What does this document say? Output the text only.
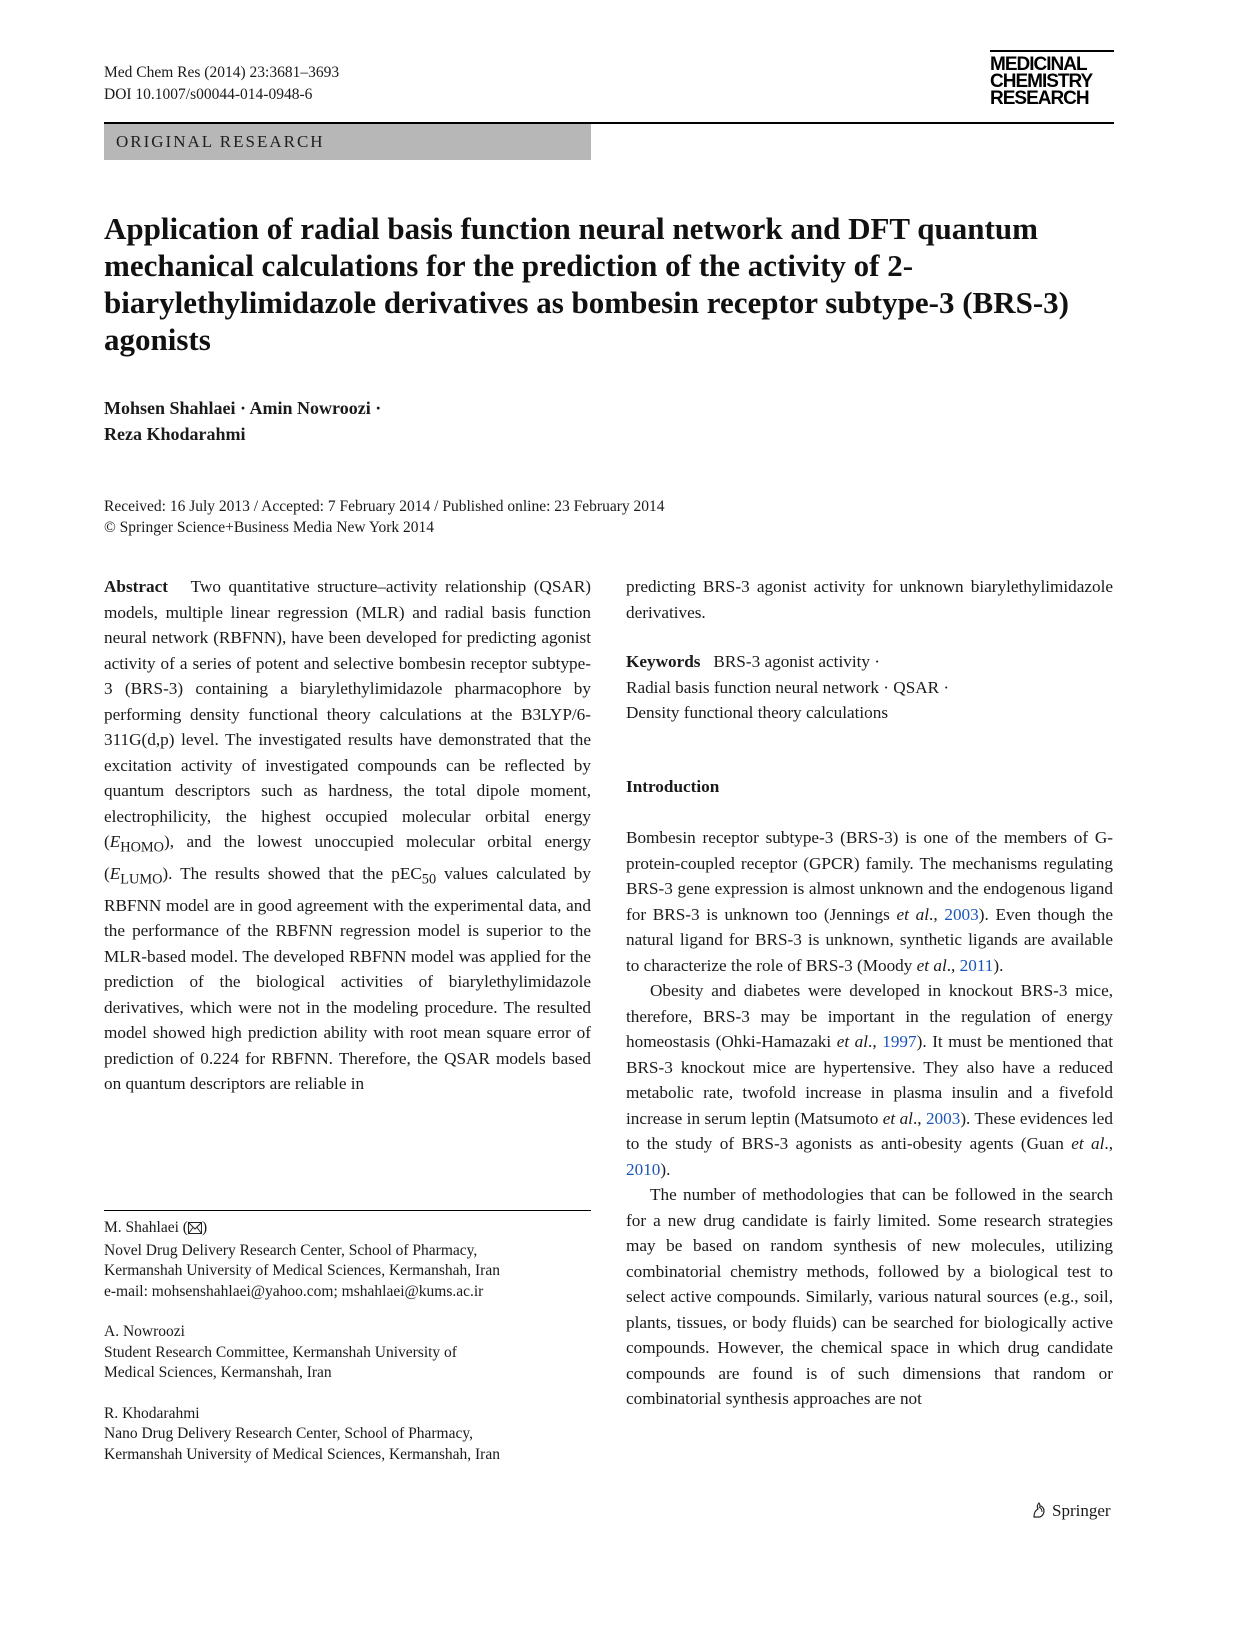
Med Chem Res (2014) 23:3681–3693
DOI 10.1007/s00044-014-0948-6
MEDICINAL
CHEMISTRY
RESEARCH
ORIGINAL RESEARCH
Application of radial basis function neural network and DFT quantum mechanical calculations for the prediction of the activity of 2-biarylethylimidazole derivatives as bombesin receptor subtype-3 (BRS-3) agonists
Mohsen Shahlaei · Amin Nowroozi ·
Reza Khodarahmi
Received: 16 July 2013 / Accepted: 7 February 2014 / Published online: 23 February 2014
© Springer Science+Business Media New York 2014

Abstract Two quantitative structure–activity relationship (QSAR) models, multiple linear regression (MLR) and radial basis function neural network (RBFNN), have been developed for predicting agonist activity of a series of potent and selective bombesin receptor subtype-3 (BRS-3) containing a biarylethylimidazole pharmacophore by performing density functional theory calculations at the B3LYP/6-311G(d,p) level. The investigated results have demonstrated that the excitation activity of investigated compounds can be reflected by quantum descriptors such as hardness, the total dipole moment, electrophilicity, the highest occupied molecular orbital energy $(E_{HOMO})$, and the lowest unoccupied molecular orbital energy $(E_{LUMO})$. The results showed that the pEC$_{50}$ values calculated by RBFNN model are in good agreement with the experimental data, and the performance of the RBFNN regression model is superior to the MLR-based model. The developed RBFNN model was applied for the prediction of the biological activities of biarylethylimidazole derivatives, which were not in the modeling procedure. The resulted model showed high prediction ability with root mean square error of prediction of 0.224 for RBFNN. Therefore, the QSAR models based on quantum descriptors are reliable in

M. Shahlaei ( )
Novel Drug Delivery Research Center, School of Pharmacy,
Kermanshah University of Medical Sciences, Kermanshah, Iran
e-mail: mohsenshahlaei@yahoo.com; mshahlaei@kums.ac.ir
A. Nowroozi
Student Research Committee, Kermanshah University of
Medical Sciences, Kermanshah, Iran
R. Khodarahmi
Nano Drug Delivery Research Center, School of Pharmacy,
Kermanshah University of Medical Sciences, Kermanshah, Iran

predicting BRS-3 agonist activity for unknown biarylethylimidazole derivatives.

Keywords BRS-3 agonist activity ·
Radial basis function neural network · QSAR ·
Density functional theory calculations

Introduction

Bombesin receptor subtype-3 (BRS-3) is one of the members of G-protein-coupled receptor (GPCR) family. The mechanisms regulating BRS-3 gene expression is almost unknown and the endogenous ligand for BRS-3 is unknown too (Jennings et al., 2003). Even though the natural ligand for BRS-3 is unknown, synthetic ligands are available to characterize the role of BRS-3 (Moody et al., 2011).

Obesity and diabetes were developed in knockout BRS-3 mice, therefore, BRS-3 may be important in the regulation of energy homeostasis (Ohki-Hamazaki et al., 1997). It must be mentioned that BRS-3 knockout mice are hypertensive. They also have a reduced metabolic rate, twofold increase in plasma insulin and a fivefold increase in serum leptin (Matsumoto et al., 2003). These evidences led to the study of BRS-3 agonists as anti-obesity agents (Guan et al., 2010).

The number of methodologies that can be followed in the search for a new drug candidate is fairly limited. Some research strategies may be based on random synthesis of new molecules, utilizing combinatorial chemistry methods, followed by a biological test to select active compounds. Similarly, various natural sources (e.g., soil, plants, tissues, or body fluids) can be searched for biologically active compounds. However, the chemical space in which drug candidate compounds are found is of such dimensions that random or combinatorial synthesis approaches are not

Springer
